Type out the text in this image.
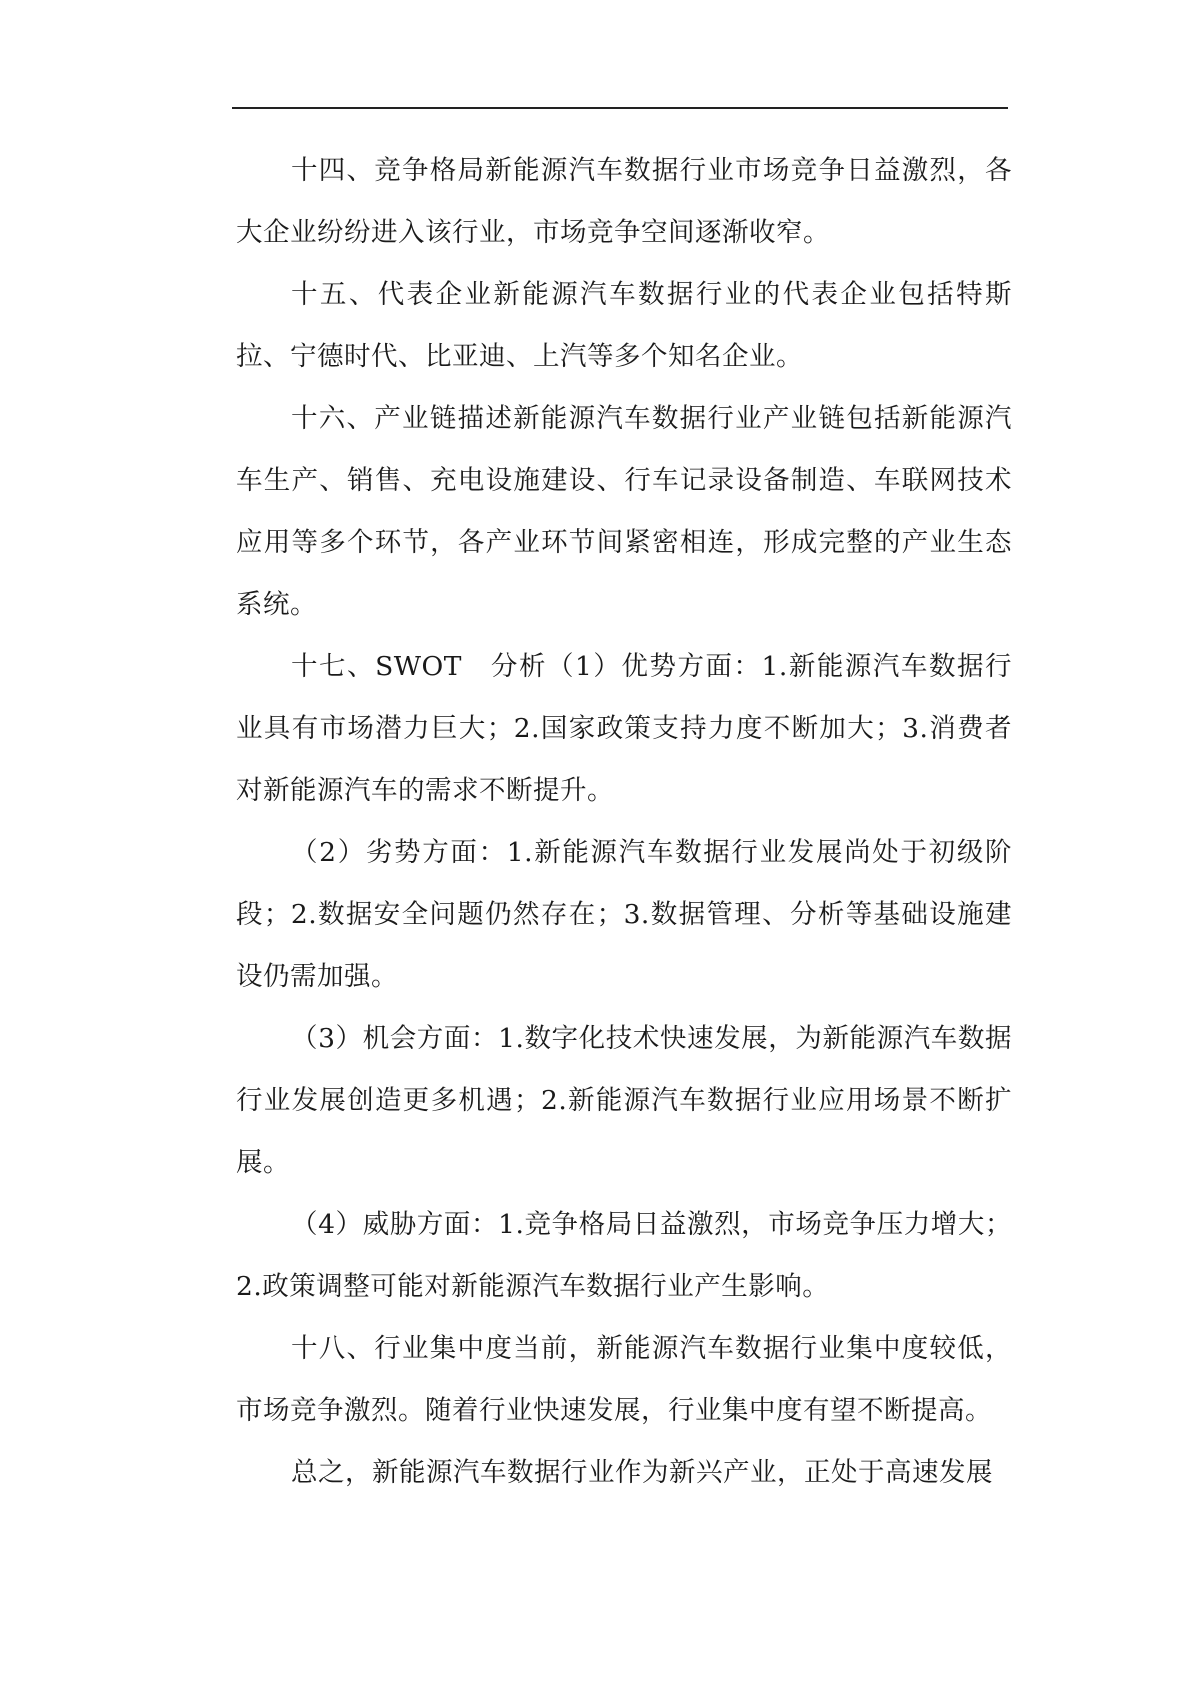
十四、竞争格局新能源汽车数据行业市场竞争日益激烈，各大企业纷纷进入该行业，市场竞争空间逐渐收窄。

十五、代表企业新能源汽车数据行业的代表企业包括特斯拉、宁德时代、比亚迪、上汽等多个知名企业。

十六、产业链描述新能源汽车数据行业产业链包括新能源汽车生产、销售、充电设施建设、行车记录设备制造、车联网技术应用等多个环节，各产业环节间紧密相连，形成完整的产业生态系统。

十七、SWOT　分析（1）优势方面：1.新能源汽车数据行业具有市场潜力巨大；2.国家政策支持力度不断加大；3.消费者对新能源汽车的需求不断提升。

（2）劣势方面：1.新能源汽车数据行业发展尚处于初级阶段；2.数据安全问题仍然存在；3.数据管理、分析等基础设施建设仍需加强。

（3）机会方面：1.数字化技术快速发展，为新能源汽车数据行业发展创造更多机遇；2.新能源汽车数据行业应用场景不断扩展。

（4）威胁方面：1.竞争格局日益激烈，市场竞争压力增大；2.政策调整可能对新能源汽车数据行业产生影响。

十八、行业集中度当前，新能源汽车数据行业集中度较低，市场竞争激烈。随着行业快速发展，行业集中度有望不断提高。

总之，新能源汽车数据行业作为新兴产业，正处于高速发展
